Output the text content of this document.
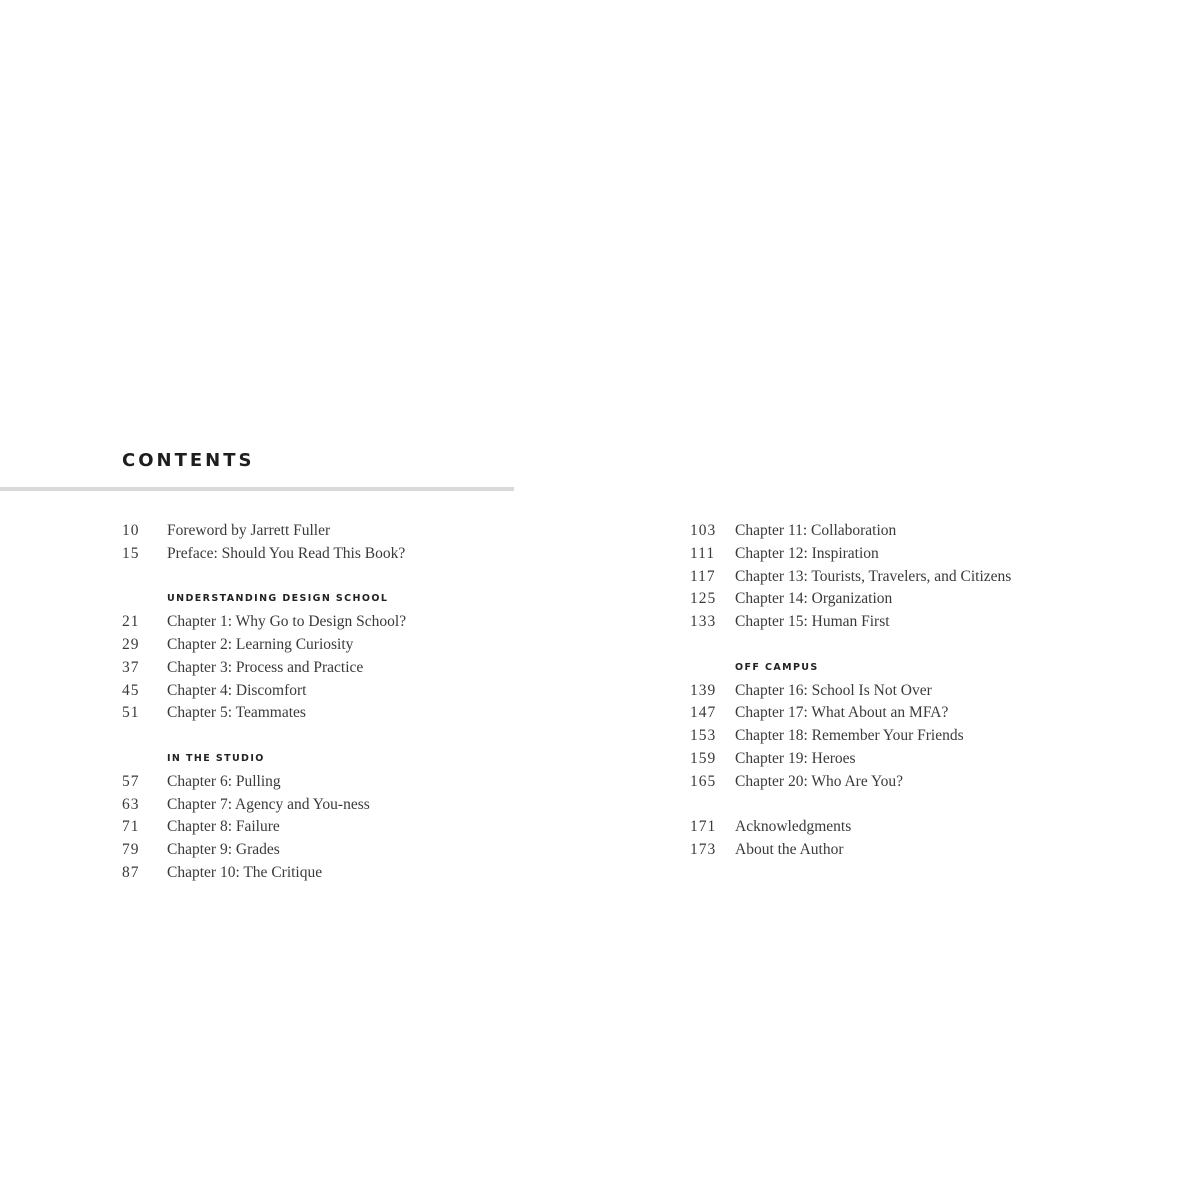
CONTENTS
10	Foreword by Jarrett Fuller
15	Preface: Should You Read This Book?
UNDERSTANDING DESIGN SCHOOL
21	Chapter 1: Why Go to Design School?
29	Chapter 2: Learning Curiosity
37	Chapter 3: Process and Practice
45	Chapter 4: Discomfort
51	Chapter 5: Teammates
IN THE STUDIO
57	Chapter 6: Pulling
63	Chapter 7: Agency and You-ness
71	Chapter 8: Failure
79	Chapter 9: Grades
87	Chapter 10: The Critique
103	Chapter 11: Collaboration
111	Chapter 12: Inspiration
117	Chapter 13: Tourists, Travelers, and Citizens
125	Chapter 14: Organization
133	Chapter 15: Human First
OFF CAMPUS
139	Chapter 16: School Is Not Over
147	Chapter 17: What About an MFA?
153	Chapter 18: Remember Your Friends
159	Chapter 19: Heroes
165	Chapter 20: Who Are You?
171	Acknowledgments
173	About the Author
